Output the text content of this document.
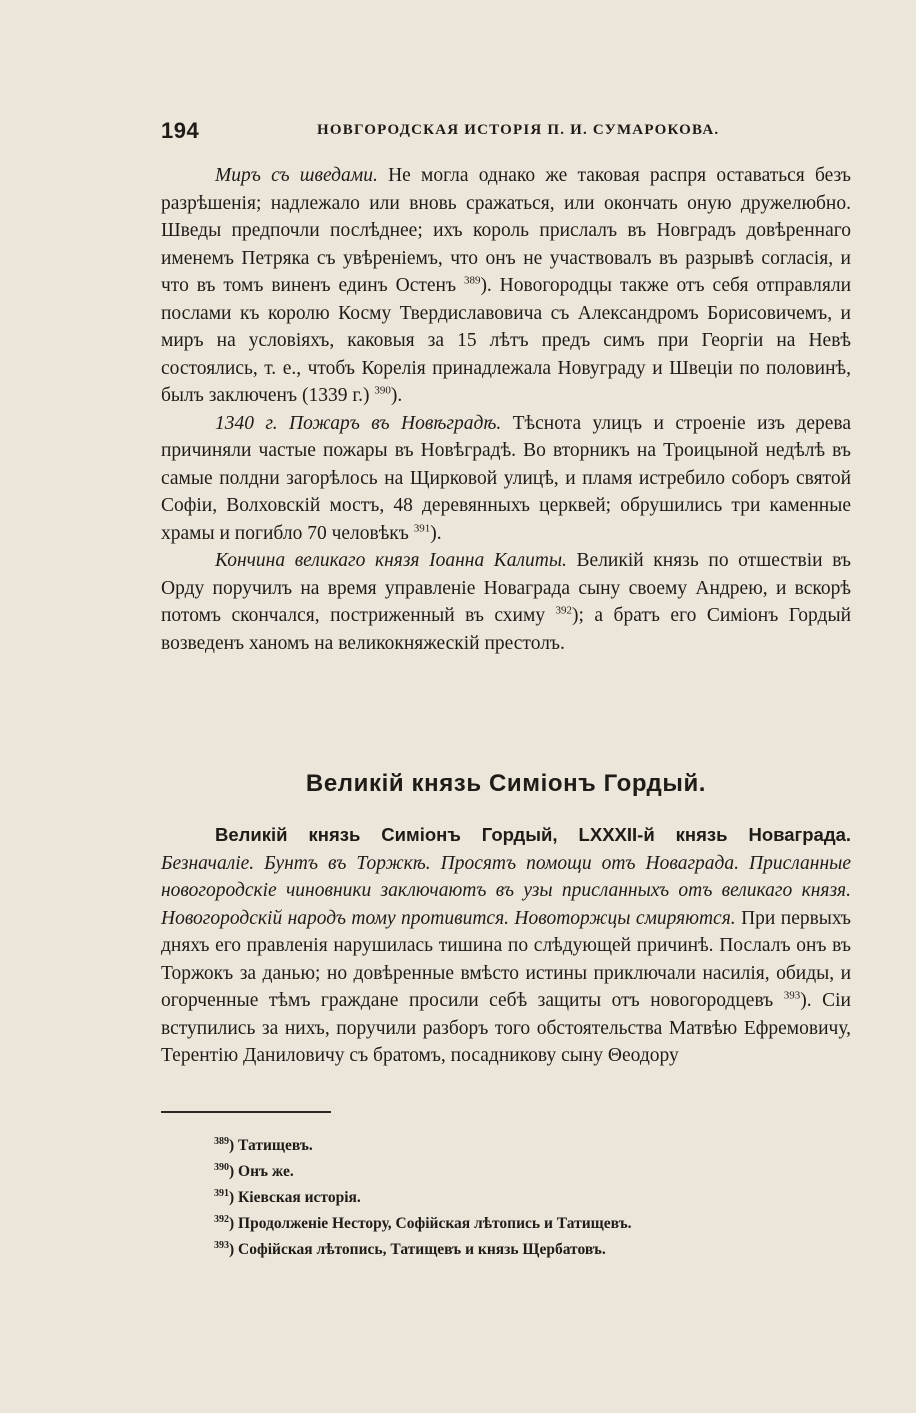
194	НОВГОРОДСКАЯ ИСТОРІЯ П. И. СУМАРОКОВА.

Миръ съ шведами. Не могла однако же таковая распря оставаться безъ разрѣшенія; надлежало или вновь сражаться, или окончать оную дружелюбно. Шведы предпочли послѣднее; ихъ король прислалъ въ Новградъ довѣреннаго именемъ Петряка съ увѣреніемъ, что онъ не участвовалъ въ разрывѣ согласія, и что въ томъ виненъ единъ Остенъ $^{389}$). Новогородцы также отъ себя отправляли послами къ королю Косму Твердиславовича съ Александромъ Борисовичемъ, и миръ на условіяхъ, каковыя за 15 лѣтъ предъ симъ при Георгіи на Невѣ состоялись, т. е., чтобъ Корелія принадлежала Новуграду и Швеціи по половинѣ, былъ заключенъ (1339 г.) $^{390}$).

1340 г. Пожаръ въ Новѣградѣ. Тѣснота улицъ и строеніе изъ дерева причиняли частые пожары въ Новѣградѣ. Во вторникъ на Троицыной недѣлѣ въ самые полдни загорѣлось на Щирковой улицѣ, и пламя истребило соборъ святой Софіи, Волховскій мостъ, 48 деревянныхъ церквей; обрушились три каменные храмы и погибло 70 человѣкъ $^{391}$).

Кончина великаго князя Іоанна Калиты. Великій князь по отшествіи въ Орду поручилъ на время управленіе Новаграда сыну своему Андрею, и вскорѣ потомъ скончался, постриженный въ схиму $^{392}$); а братъ его Симіонъ Гордый возведенъ ханомъ на великокняжескій престолъ.

Великій князь Симіонъ Гордый.

Великій князь Симіонъ Гордый, LXXXII-й князь Новаграда. Безначаліе. Бунтъ въ Торжкѣ. Просятъ помощи отъ Новаграда. Присланные новогородскіе чиновники заключаютъ въ узы присланныхъ отъ великаго князя. Новогородскій народъ тому противится. Новоторжцы смиряются. При первыхъ дняхъ его правленія нарушилась тишина по слѣдующей причинѣ. Послалъ онъ въ Торжокъ за данью; но довѣренные вмѣсто истины приключали насилія, обиды, и огорченные тѣмъ граждане просили себѣ защиты отъ новогородцевъ $^{393}$). Сіи вступились за нихъ, поручили разборъ того обстоятельства Матвѣю Ефремовичу, Терентію Даниловичу съ братомъ, посадникову сыну Θеодору

$^{389}$) Татищевъ.
$^{390}$) Онъ же.
$^{391}$) Кіевская исторія.
$^{392}$) Продолженіе Нестору, Софійская лѣтопись и Татищевъ.
$^{393}$) Софійская лѣтопись, Татищевъ и князь Щербатовъ.
